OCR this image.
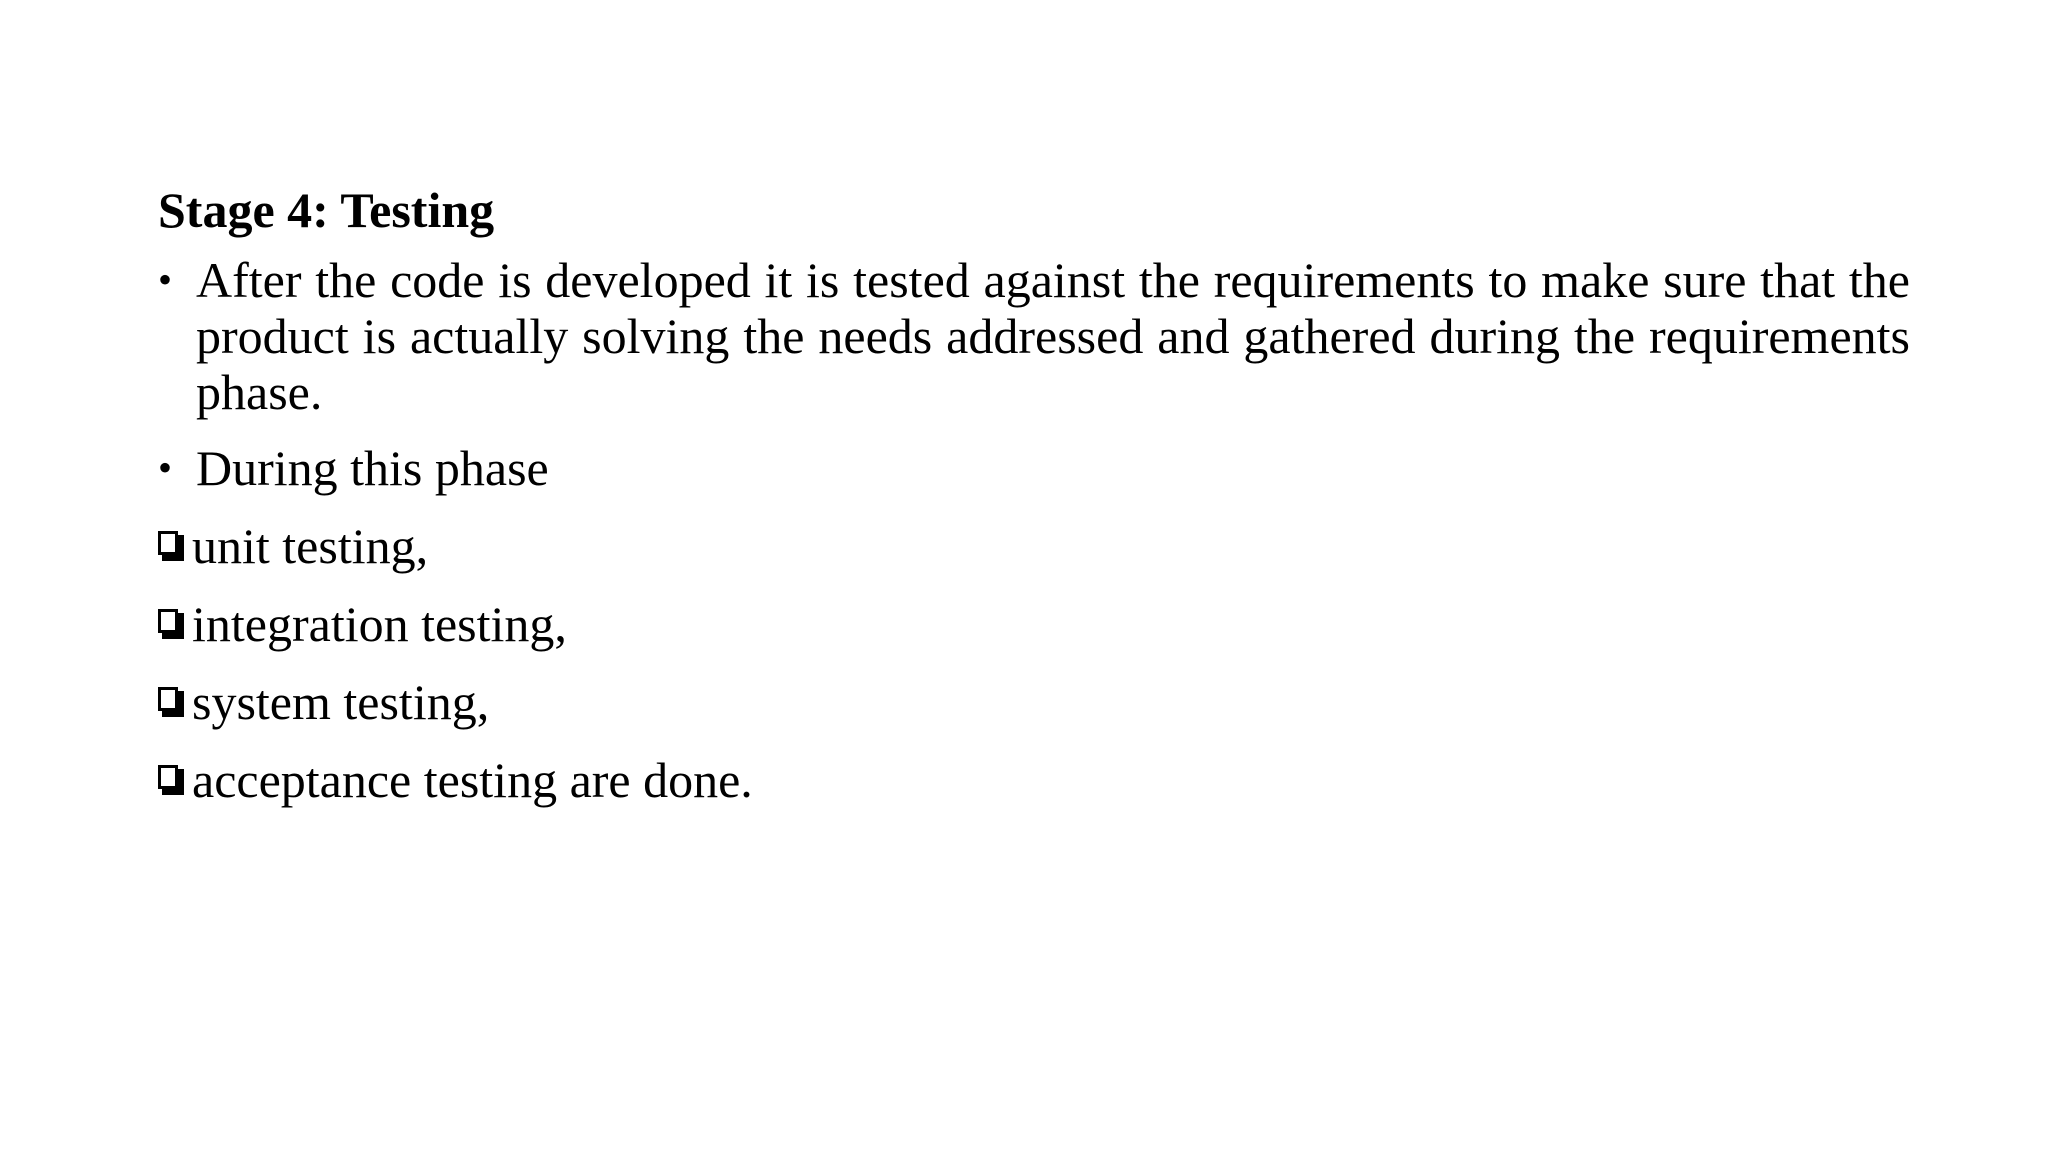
Stage 4: Testing
• After the code is developed it is tested against the requirements to make sure that the product is actually solving the needs addressed and gathered during the requirements phase.
• During this phase
unit testing,
integration testing,
system testing,
acceptance testing are done.
